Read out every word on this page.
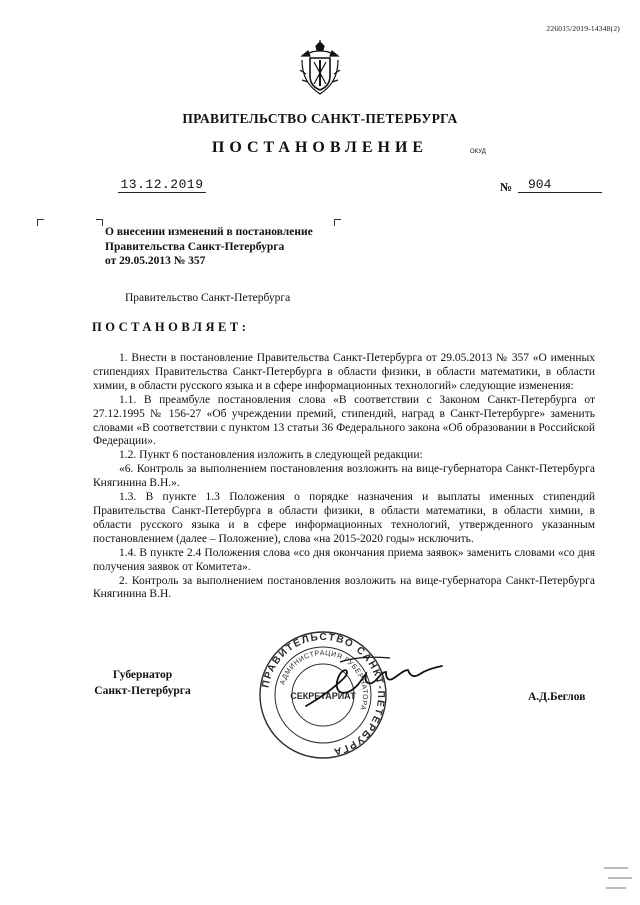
226015/2019-14348(2)
ПРАВИТЕЛЬСТВО САНКТ-ПЕТЕРБУРГА
ПОСТАНОВЛЕНИЕ	ОКУД
13.12.2019	№	904
О внесении изменений в постановление
Правительства Санкт-Петербурга
от 29.05.2013 № 357
Правительство Санкт-Петербурга
ПОСТАНОВЛЯЕТ:

1. Внести в постановление Правительства Санкт-Петербурга от 29.05.2013 № 357 «О именных стипендиях Правительства Санкт-Петербурга в области физики, в области математики, в области химии, в области русского языка и в сфере информационных технологий» следующие изменения:

1.1. В преамбуле постановления слова «В соответствии с Законом Санкт-Петербурга от 27.12.1995 № 156-27 «Об учреждении премий, стипендий, наград в Санкт-Петербурге» заменить словами «В соответствии с пунктом 13 статьи 36 Федерального закона «Об образовании в Российской Федерации».

1.2. Пункт 6 постановления изложить в следующей редакции:

«6. Контроль за выполнением постановления возложить на вице-губернатора Санкт-Петербурга Княгинина В.Н.».

1.3. В пункте 1.3 Положения о порядке назначения и выплаты именных стипендий Правительства Санкт-Петербурга в области физики, в области математики, в области химии, в области русского языка и в сфере информационных технологий, утвержденного указанным постановлением (далее – Положение), слова «на 2015-2020 годы» исключить.

1.4. В пункте 2.4 Положения слова «со дня окончания приема заявок» заменить словами «со дня получения заявок от Комитета».

2. Контроль за выполнением постановления возложить на вице-губернатора Санкт-Петербурга Княгинина В.Н.

Губернатор
Санкт-Петербурга
ПРАВИТЕЛЬСТВО САНКТ-ПЕТЕРБУРГА
АДМИНИСТРАЦИЯ ГУБЕРНАТОРА
СЕКРЕТАРИАТ	А.Д.Беглов
